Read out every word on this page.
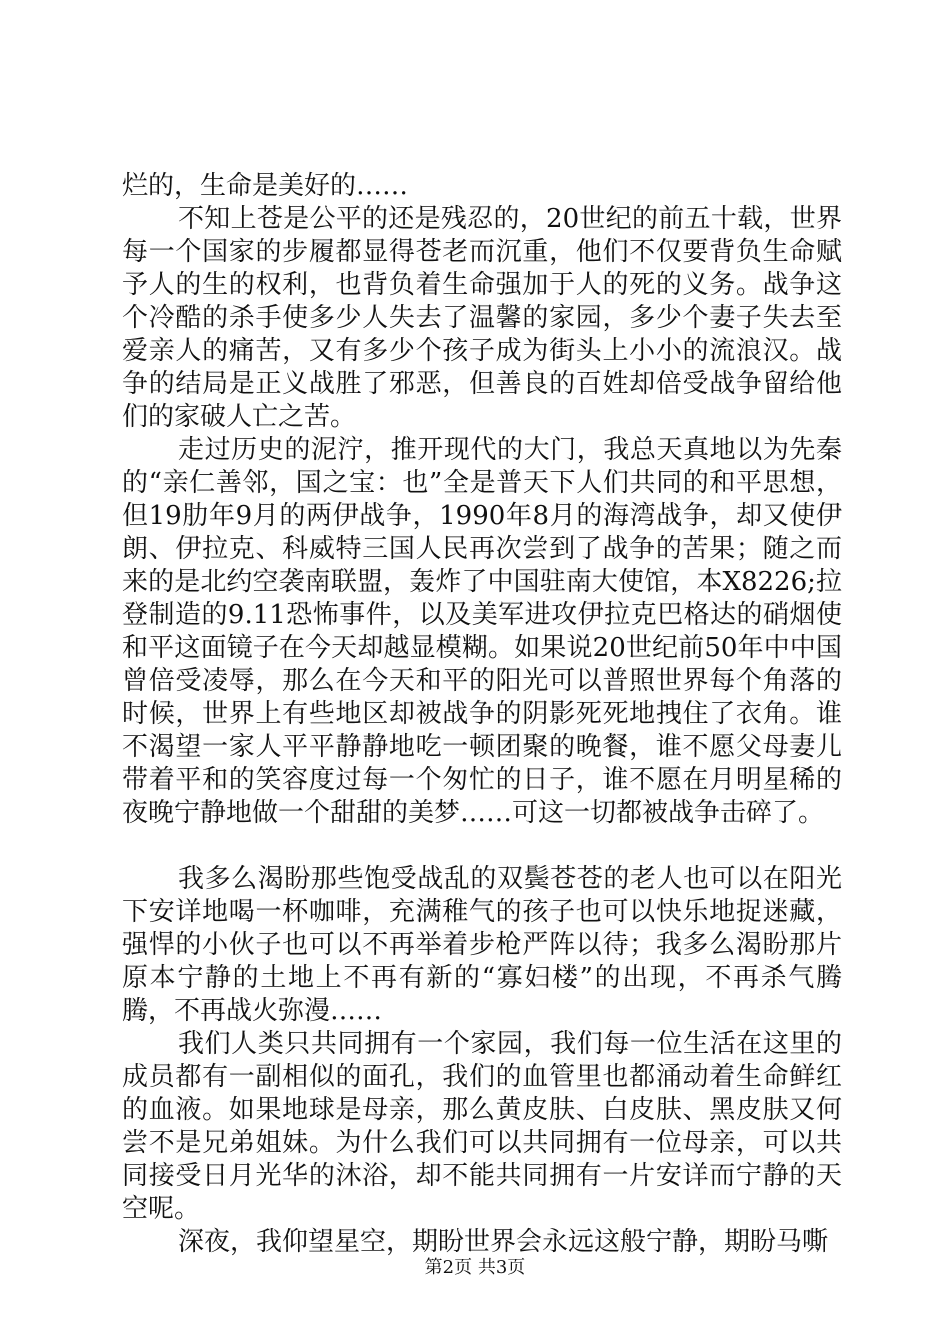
烂的，生命是美好的……

不知上苍是公平的还是残忍的，20世纪的前五十载，世界每一个国家的步履都显得苍老而沉重，他们不仅要背负生命赋予人的生的权利，也背负着生命强加于人的死的义务。战争这个冷酷的杀手使多少人失去了温馨的家园，多少个妻子失去至爱亲人的痛苦，又有多少个孩子成为街头上小小的流浪汉。战争的结局是正义战胜了邪恶，但善良的百姓却倍受战争留给他们的家破人亡之苦。

走过历史的泥泞，推开现代的大门，我总天真地以为先秦的“亲仁善邻，国之宝：也”全是普天下人们共同的和平思想，但19肋年9月的两伊战争，1990年8月的海湾战争，却又使伊朗、伊拉克、科威特三国人民再次尝到了战争的苦果；随之而来的是北约空袭南联盟，轰炸了中国驻南大使馆，本X8226;拉登制造的9.11恐怖事件，以及美军进攻伊拉克巴格达的硝烟使和平这面镜子在今天却越显模糊。如果说20世纪前50年中中国曾倍受凌辱，那么在今天和平的阳光可以普照世界每个角落的时候，世界上有些地区却被战争的阴影死死地拽住了衣角。谁不渴望一家人平平静静地吃一顿团聚的晚餐，谁不愿父母妻儿带着平和的笑容度过每一个匆忙的日子，谁不愿在月明星稀的夜晚宁静地做一个甜甜的美梦……可这一切都被战争击碎了。

我多么渴盼那些饱受战乱的双鬓苍苍的老人也可以在阳光下安详地喝一杯咖啡，充满稚气的孩子也可以快乐地捉迷藏，强悍的小伙子也可以不再举着步枪严阵以待；我多么渴盼那片原本宁静的土地上不再有新的“寡妇楼”的出现，不再杀气腾腾，不再战火弥漫……

我们人类只共同拥有一个家园，我们每一位生活在这里的成员都有一副相似的面孔，我们的血管里也都涌动着生命鲜红的血液。如果地球是母亲，那么黄皮肤、白皮肤、黑皮肤又何尝不是兄弟姐妹。为什么我们可以共同拥有一位母亲，可以共同接受日月光华的沐浴，却不能共同拥有一片安详而宁静的天空呢。

深夜，我仰望星空，期盼世界会永远这般宁静，期盼马嘶

第2页 共3页
